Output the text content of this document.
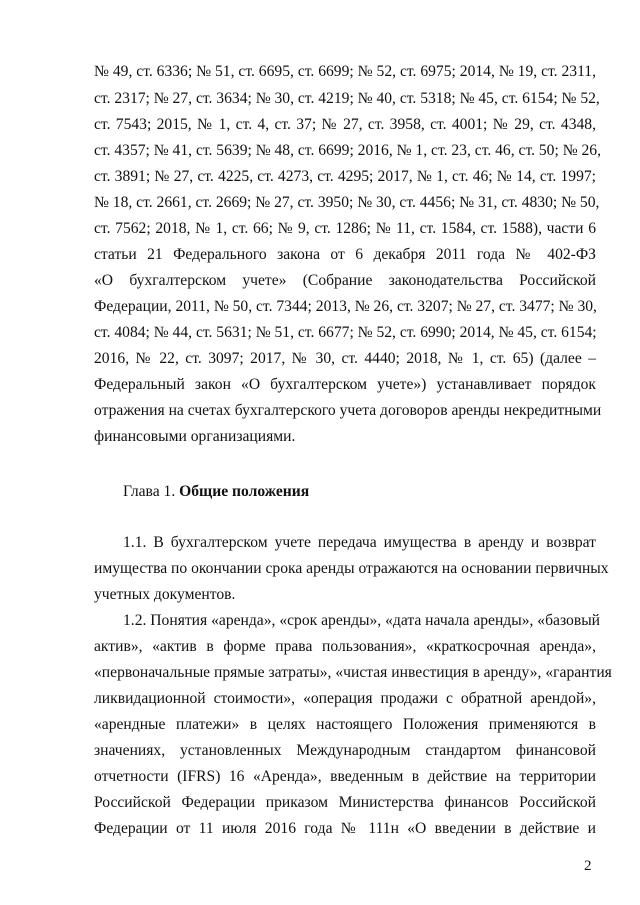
№ 49, ст. 6336; № 51, ст. 6695, ст. 6699; № 52, ст. 6975; 2014, № 19, ст. 2311,
ст. 2317; № 27, ст. 3634; № 30, ст. 4219; № 40, ст. 5318; № 45, ст. 6154; № 52,
ст. 7543; 2015, № 1, ст. 4, ст. 37; № 27, ст. 3958, ст. 4001; № 29, ст. 4348,
ст. 4357; № 41, ст. 5639; № 48, ст. 6699; 2016, № 1, ст. 23, ст. 46, ст. 50; № 26,
ст. 3891; № 27, ст. 4225, ст. 4273, ст. 4295; 2017, № 1, ст. 46; № 14, ст. 1997;
№ 18, ст. 2661, ст. 2669; № 27, ст. 3950; № 30, ст. 4456; № 31, ст. 4830; № 50,
ст. 7562; 2018, № 1, ст. 66; № 9, ст. 1286; № 11, ст. 1584, ст. 1588), части 6
статьи 21 Федерального закона от 6 декабря 2011 года № 402-ФЗ
«О бухгалтерском учете» (Собрание законодательства Российской
Федерации, 2011, № 50, ст. 7344; 2013, № 26, ст. 3207; № 27, ст. 3477; № 30,
ст. 4084; № 44, ст. 5631; № 51, ст. 6677; № 52, ст. 6990; 2014, № 45, ст. 6154;
2016, № 22, ст. 3097; 2017, № 30, ст. 4440; 2018, № 1, ст. 65) (далее –
Федеральный закон «О бухгалтерском учете») устанавливает порядок
отражения на счетах бухгалтерского учета договоров аренды некредитными
финансовыми организациями.
Глава 1. Общие положения
1.1. В бухгалтерском учете передача имущества в аренду и возврат
имущества по окончании срока аренды отражаются на основании первичных
учетных документов.
1.2. Понятия «аренда», «срок аренды», «дата начала аренды», «базовый
актив», «актив в форме права пользования», «краткосрочная аренда»,
«первоначальные прямые затраты», «чистая инвестиция в аренду», «гарантия
ликвидационной стоимости», «операция продажи с обратной арендой»,
«арендные платежи» в целях настоящего Положения применяются в
значениях, установленных Международным стандартом финансовой
отчетности (IFRS) 16 «Аренда», введенным в действие на территории
Российской Федерации приказом Министерства финансов Российской
Федерации от 11 июля 2016 года № 111н «О введении в действие и
2
